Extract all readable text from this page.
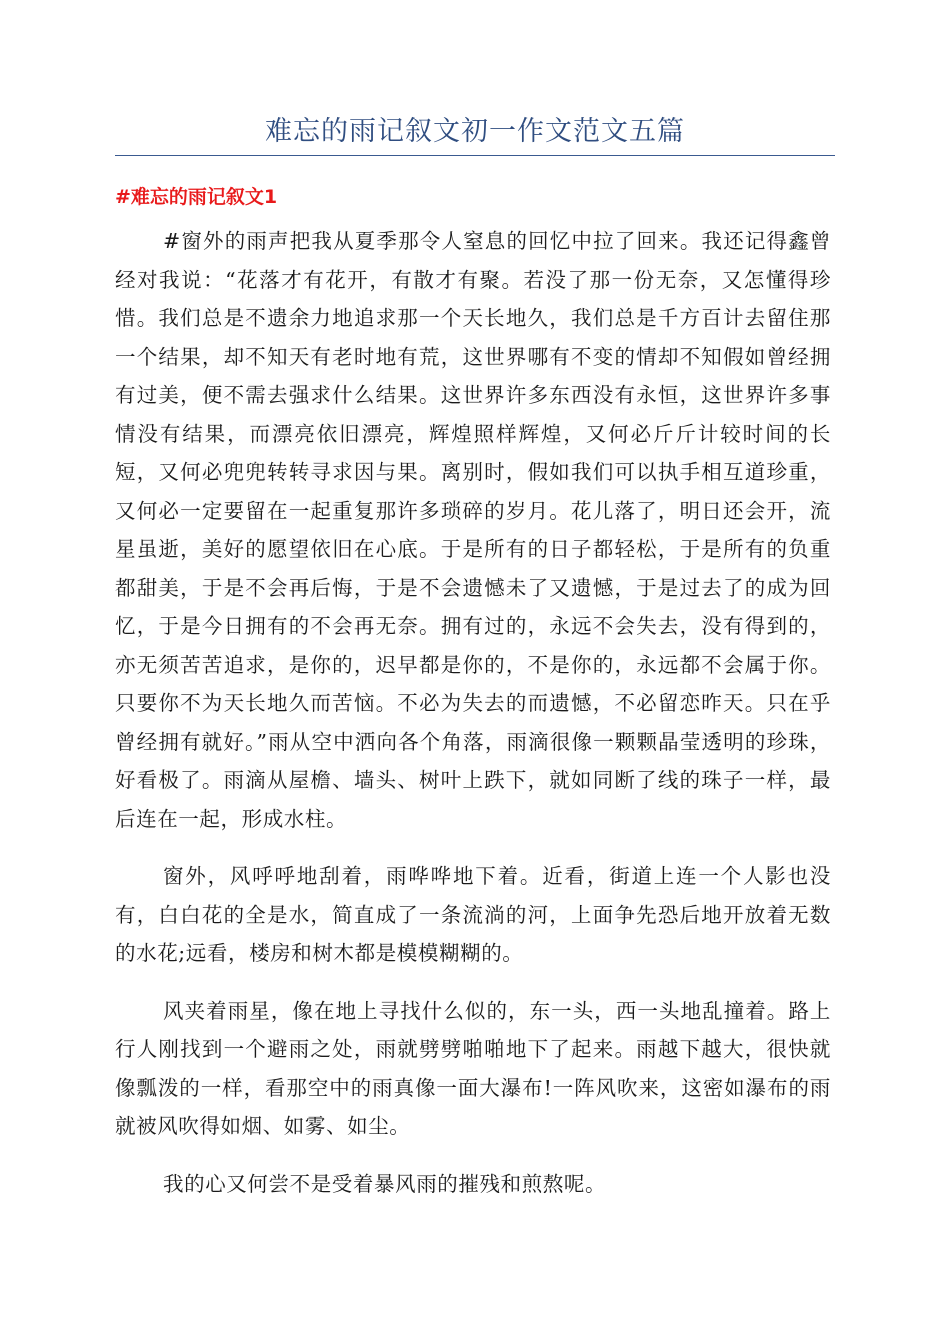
难忘的雨记叙文初一作文范文五篇
#难忘的雨记叙文1

#窗外的雨声把我从夏季那令人窒息的回忆中拉了回来。我还记得鑫曾经对我说：“花落才有花开，有散才有聚。若没了那一份无奈，又怎懂得珍惜。我们总是不遗余力地追求那一个天长地久，我们总是千方百计去留住那一个结果，却不知天有老时地有荒，这世界哪有不变的情却不知假如曾经拥有过美，便不需去强求什么结果。这世界许多东西没有永恒，这世界许多事情没有结果，而漂亮依旧漂亮，辉煌照样辉煌，又何必斤斤计较时间的长短，又何必兜兜转转寻求因与果。离别时，假如我们可以执手相互道珍重，又何必一定要留在一起重复那许多琐碎的岁月。花儿落了，明日还会开，流星虽逝，美好的愿望依旧在心底。于是所有的日子都轻松，于是所有的负重都甜美，于是不会再后悔，于是不会遗憾未了又遗憾，于是过去了的成为回忆，于是今日拥有的不会再无奈。拥有过的，永远不会失去，没有得到的，亦无须苦苦追求，是你的，迟早都是你的，不是你的，永远都不会属于你。只要你不为天长地久而苦恼。不必为失去的而遗憾，不必留恋昨天。只在乎曾经拥有就好。”雨从空中洒向各个角落，雨滴很像一颗颗晶莹透明的珍珠，好看极了。雨滴从屋檐、墙头、树叶上跌下，就如同断了线的珠子一样，最后连在一起，形成水柱。

窗外，风呼呼地刮着，雨哗哗地下着。近看，街道上连一个人影也没有，白白花的全是水，简直成了一条流淌的河，上面争先恐后地开放着无数的水花;远看，楼房和树木都是模模糊糊的。

风夹着雨星，像在地上寻找什么似的，东一头，西一头地乱撞着。路上行人刚找到一个避雨之处，雨就劈劈啪啪地下了起来。雨越下越大，很快就像瓢泼的一样，看那空中的雨真像一面大瀑布!一阵风吹来，这密如瀑布的雨就被风吹得如烟、如雾、如尘。

我的心又何尝不是受着暴风雨的摧残和煎熬呢。
